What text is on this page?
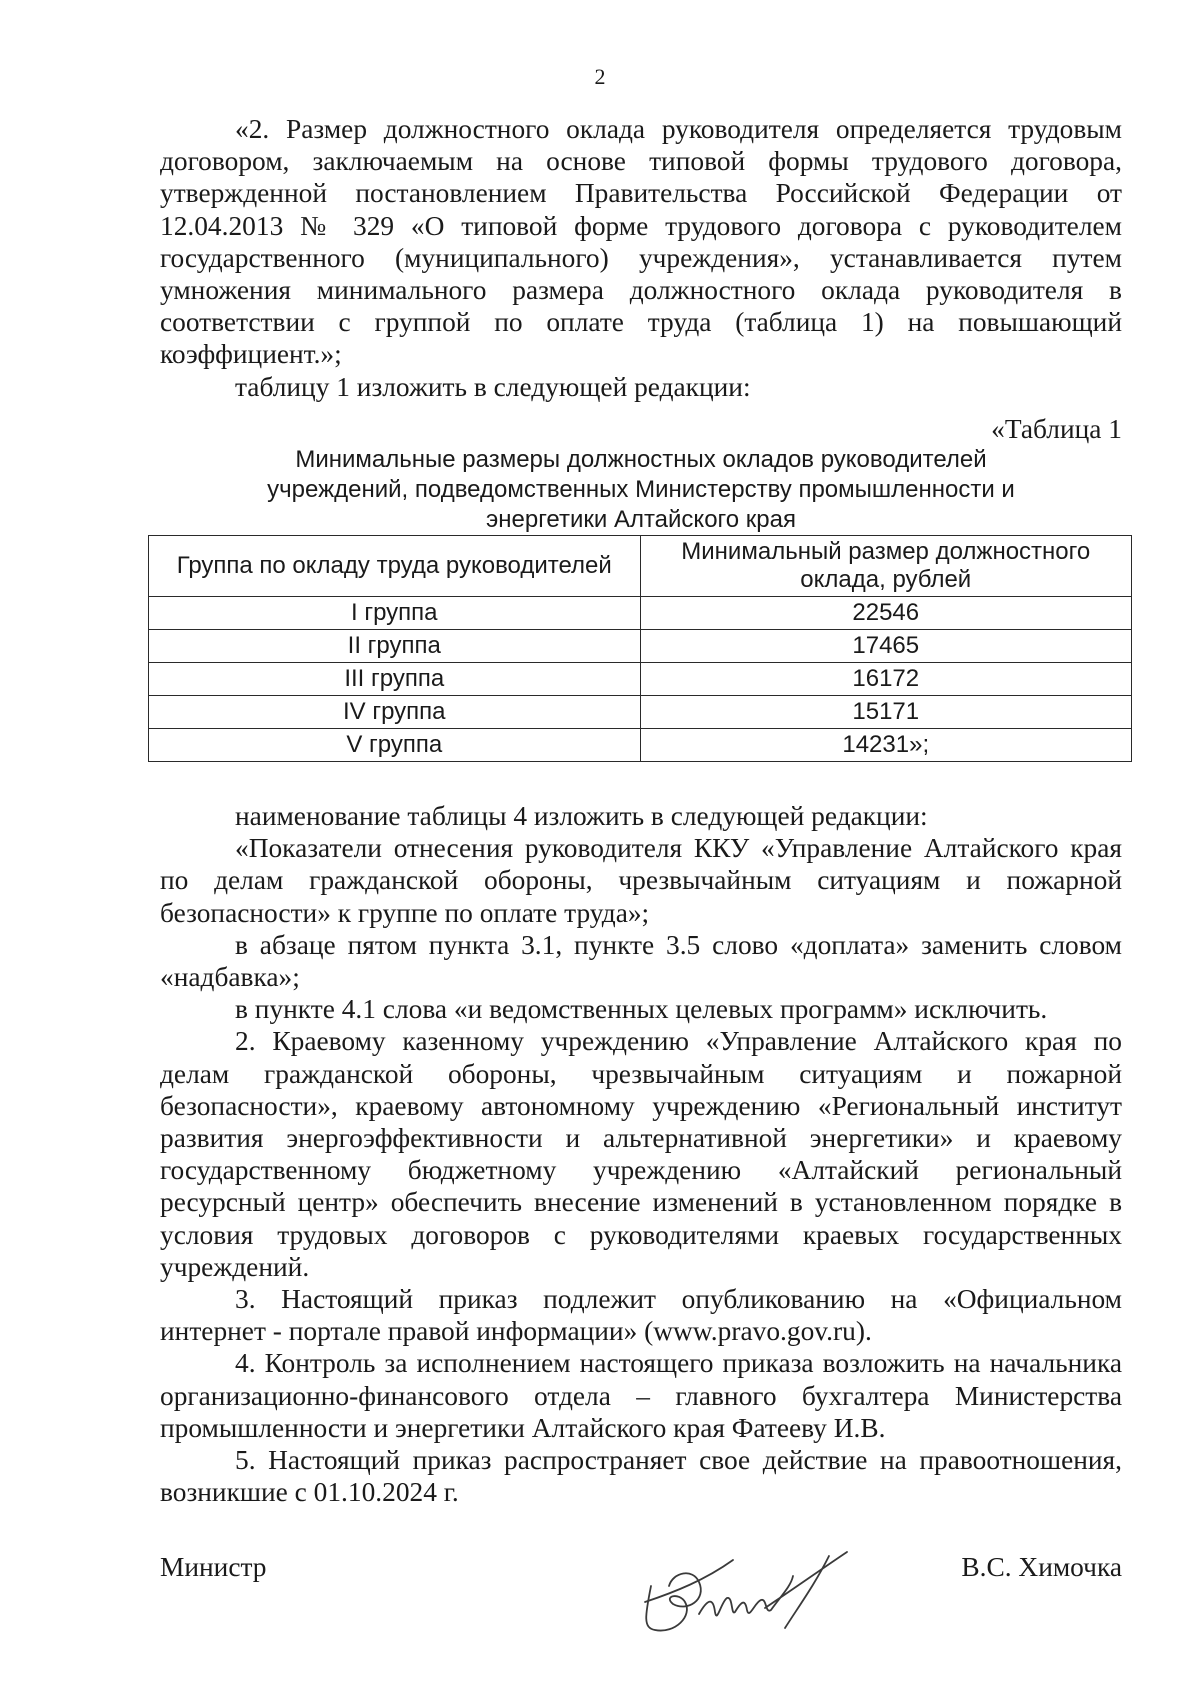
2

«2. Размер должностного оклада руководителя определяется трудовым договором, заключаемым на основе типовой формы трудового договора, утвержденной постановлением Правительства Российской Федерации от 12.04.2013 № 329 «О типовой форме трудового договора с руководителем государственного (муниципального) учреждения», устанавливается путем умножения минимального размера должностного оклада руководителя в соответствии с группой по оплате труда (таблица 1) на повышающий коэффициент.»;

таблицу 1 изложить в следующей редакции:

«Таблица 1

Минимальные размеры должностных окладов руководителей учреждений, подведомственных Министерству промышленности и энергетики Алтайского края

Группа по окладу труда руководителей	Минимальный размер должностного оклада, рублей
I группа	22546
II группа	17465
III группа	16172
IV группа	15171
V группа	14231»;

наименование таблицы 4 изложить в следующей редакции:

«Показатели отнесения руководителя ККУ «Управление Алтайского края по делам гражданской обороны, чрезвычайным ситуациям и пожарной безопасности» к группе по оплате труда»;

в абзаце пятом пункта 3.1, пункте 3.5 слово «доплата» заменить словом «надбавка»;

в пункте 4.1 слова «и ведомственных целевых программ» исключить.

2. Краевому казенному учреждению «Управление Алтайского края по делам гражданской обороны, чрезвычайным ситуациям и пожарной безопасности», краевому автономному учреждению «Региональный институт развития энергоэффективности и альтернативной энергетики» и краевому государственному бюджетному учреждению «Алтайский региональный ресурсный центр» обеспечить внесение изменений в установленном порядке в условия трудовых договоров с руководителями краевых государственных учреждений.

3. Настоящий приказ подлежит опубликованию на «Официальном интернет - портале правой информации» (www.pravo.gov.ru).

4. Контроль за исполнением настоящего приказа возложить на начальника организационно-финансового отдела – главного бухгалтера Министерства промышленности и энергетики Алтайского края Фатееву И.В.

5. Настоящий приказ распространяет свое действие на правоотношения, возникшие с 01.10.2024 г.

Министр	В.С. Химочка
